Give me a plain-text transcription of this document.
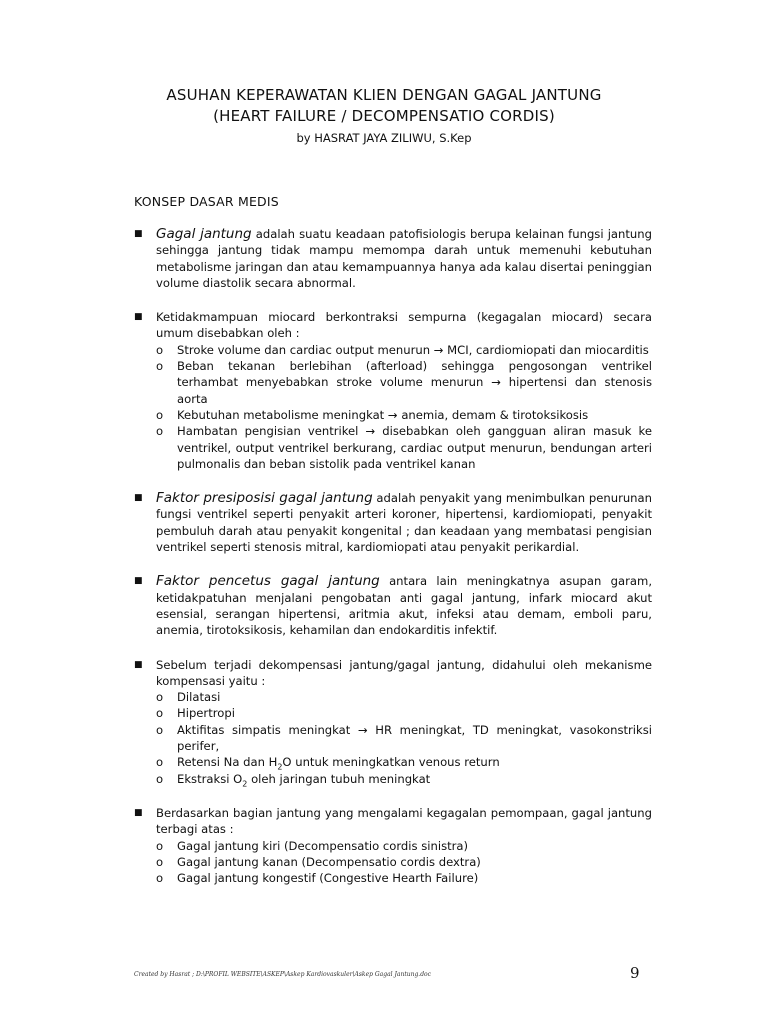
ASUHAN KEPERAWATAN KLIEN DENGAN GAGAL JANTUNG
(HEART FAILURE / DECOMPENSATIO CORDIS)
by HASRAT JAYA ZILIWU, S.Kep
KONSEP DASAR MEDIS
■ Gagal jantung adalah suatu keadaan patofisiologis berupa kelainan fungsi jantung sehingga jantung tidak mampu memompa darah untuk memenuhi kebutuhan metabolisme jaringan dan atau kemampuannya hanya ada kalau disertai peninggian volume diastolik secara abnormal.
■ Ketidakmampuan miocard berkontraksi sempurna (kegagalan miocard) secara umum disebabkan oleh :
o Stroke volume dan cardiac output menurun → MCI, cardiomiopati dan miocarditis
o Beban tekanan berlebihan (afterload) sehingga pengosongan ventrikel terhambat menyebabkan stroke volume menurun → hipertensi dan stenosis aorta
o Kebutuhan metabolisme meningkat → anemia, demam & tirotoksikosis
o Hambatan pengisian ventrikel → disebabkan oleh gangguan aliran masuk ke ventrikel, output ventrikel berkurang, cardiac output menurun, bendungan arteri pulmonalis dan beban sistolik pada ventrikel kanan
■ Faktor presiposisi gagal jantung adalah penyakit yang menimbulkan penurunan fungsi ventrikel seperti penyakit arteri koroner, hipertensi, kardiomiopati, penyakit pembuluh darah atau penyakit kongenital ; dan keadaan yang membatasi pengisian ventrikel seperti stenosis mitral, kardiomiopati atau penyakit perikardial.
■ Faktor pencetus gagal jantung antara lain meningkatnya asupan garam, ketidakpatuhan menjalani pengobatan anti gagal jantung, infark miocard akut esensial, serangan hipertensi, aritmia akut, infeksi atau demam, emboli paru, anemia, tirotoksikosis, kehamilan dan endokarditis infektif.
■ Sebelum terjadi dekompensasi jantung/gagal jantung, didahului oleh mekanisme kompensasi yaitu :
o Dilatasi
o Hipertropi
o Aktifitas simpatis meningkat → HR meningkat, TD meningkat, vasokonstriksi perifer,
o Retensi Na dan $H_2O$ untuk meningkatkan venous return
o Ekstraksi $O_2$ oleh jaringan tubuh meningkat
■ Berdasarkan bagian jantung yang mengalami kegagalan pemompaan, gagal jantung terbagi atas :
o Gagal jantung kiri (Decompensatio cordis sinistra)
o Gagal jantung kanan (Decompensatio cordis dextra)
o Gagal jantung kongestif (Congestive Hearth Failure)
Created by Hasrat ; D:\PROFIL WEBSITE\ASKEP\Askep Kardiovaskuler\Askep Gagal Jantung.doc	9
